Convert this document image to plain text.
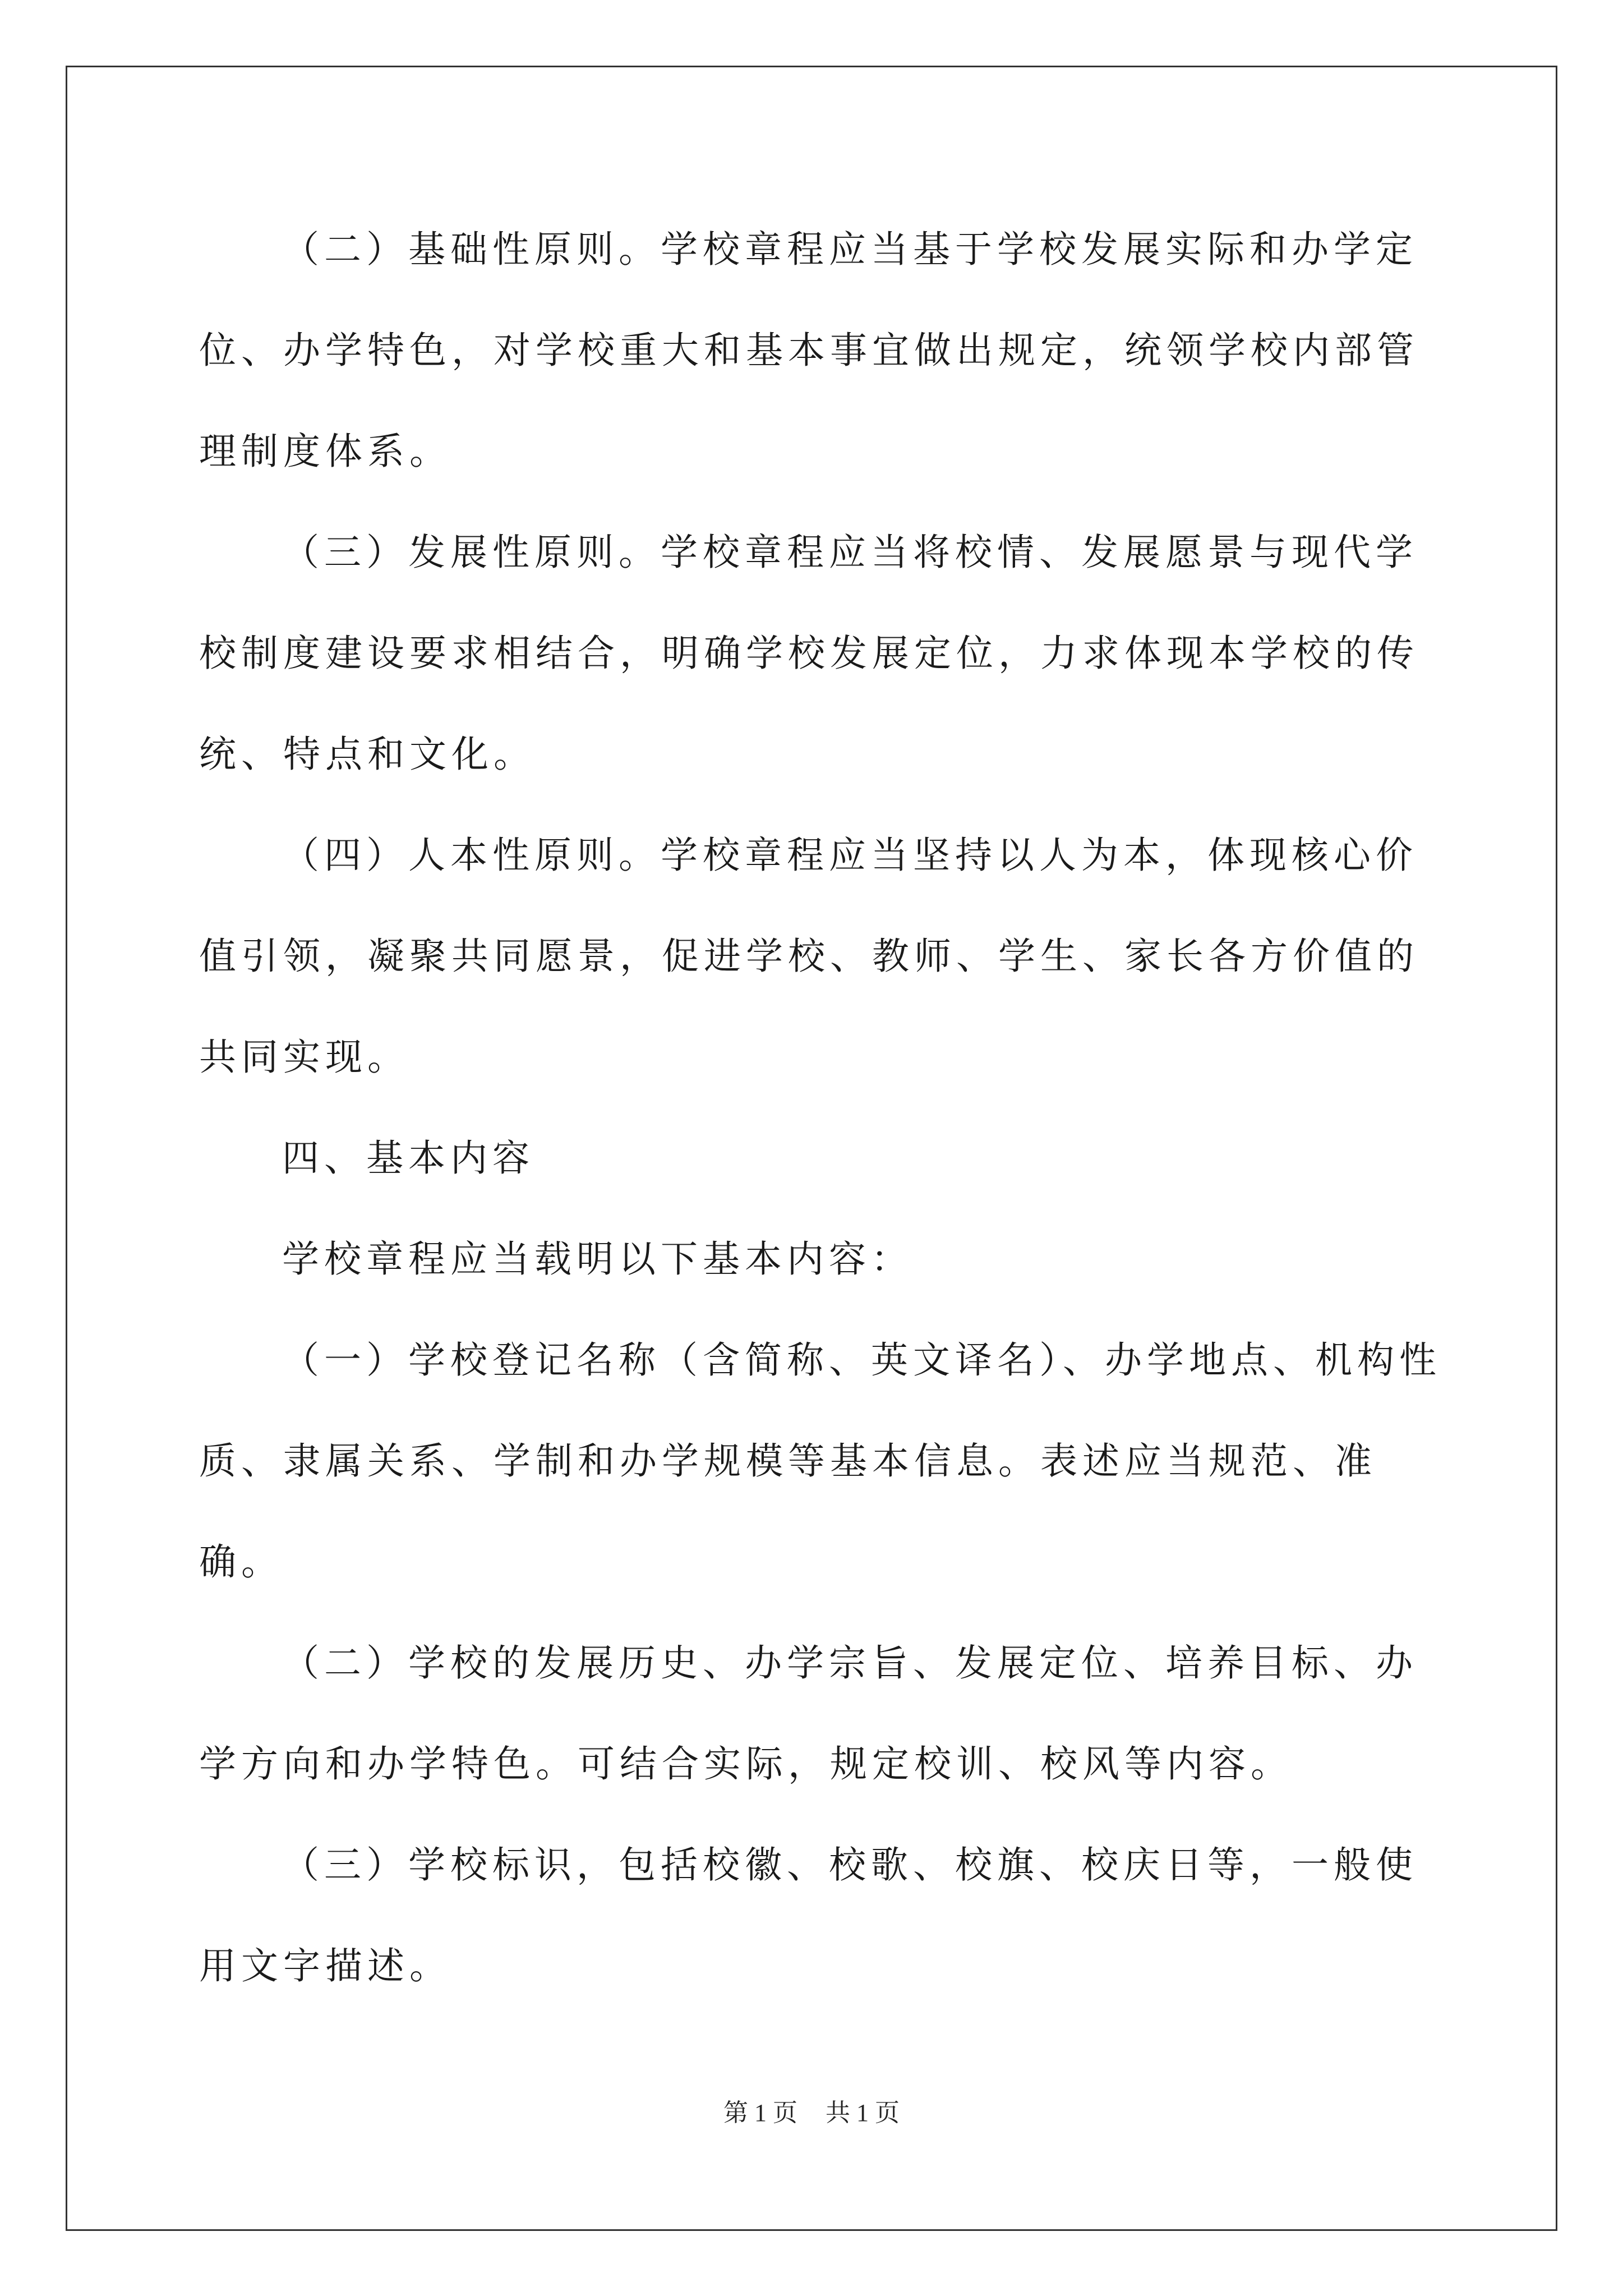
（二）基础性原则。学校章程应当基于学校发展实际和办学定位、办学特色，对学校重大和基本事宜做出规定，统领学校内部管理制度体系。

（三）发展性原则。学校章程应当将校情、发展愿景与现代学校制度建设要求相结合，明确学校发展定位，力求体现本学校的传统、特点和文化。

（四）人本性原则。学校章程应当坚持以人为本，体现核心价值引领，凝聚共同愿景，促进学校、教师、学生、家长各方价值的共同实现。

四、基本内容

学校章程应当载明以下基本内容：

（一）学校登记名称（含简称、英文译名）、办学地点、机构性质、隶属关系、学制和办学规模等基本信息。表述应当规范、准确。

（二）学校的发展历史、办学宗旨、发展定位、培养目标、办学方向和办学特色。可结合实际，规定校训、校风等内容。

（三）学校标识，包括校徽、校歌、校旗、校庆日等，一般使用文字描述。

第 1 页 共 1 页
